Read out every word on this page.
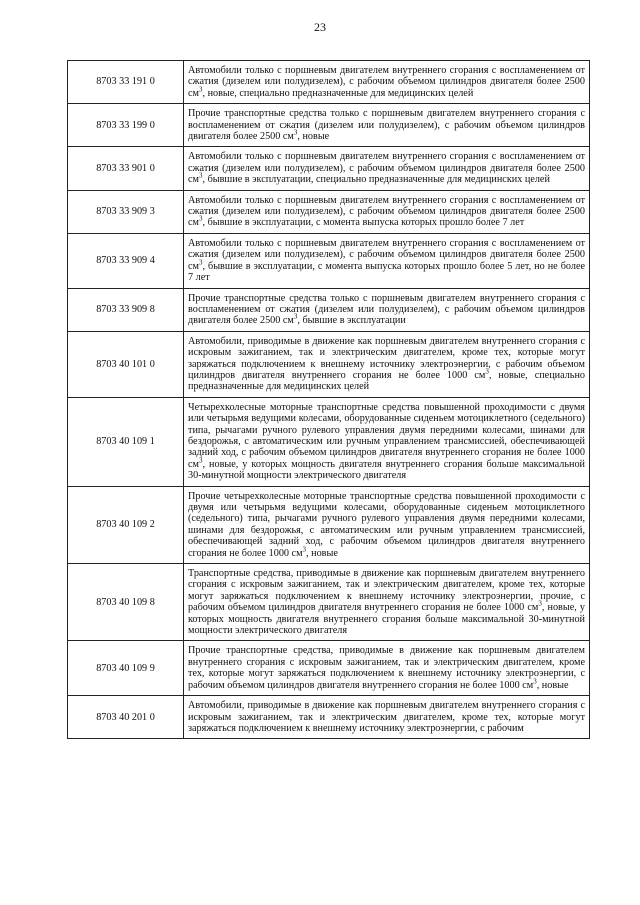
23
8703 33 191 0	Автомобили только с поршневым двигателем внутреннего сгорания с воспламенением от сжатия (дизелем или полудизелем), с рабочим объемом цилиндров двигателя более 2500 $см^3$, новые, специально предназначенные для медицинских целей
8703 33 199 0	Прочие транспортные средства только с поршневым двигателем внутреннего сгорания с воспламенением от сжатия (дизелем или полудизелем), с рабочим объемом цилиндров двигателя более 2500 $см^3$, новые
8703 33 901 0	Автомобили только с поршневым двигателем внутреннего сгорания с воспламенением от сжатия (дизелем или полудизелем), с рабочим объемом цилиндров двигателя более 2500 $см^3$, бывшие в эксплуатации, специально предназначенные для медицинских целей
8703 33 909 3	Автомобили только с поршневым двигателем внутреннего сгорания с воспламенением от сжатия (дизелем или полудизелем), с рабочим объемом цилиндров двигателя более 2500 $см^3$, бывшие в эксплуатации, с момента выпуска которых прошло более 7 лет
8703 33 909 4	Автомобили только с поршневым двигателем внутреннего сгорания с воспламенением от сжатия (дизелем или полудизелем), с рабочим объемом цилиндров двигателя более 2500 $см^3$, бывшие в эксплуатации, с момента выпуска которых прошло более 5 лет, но не более 7 лет
8703 33 909 8	Прочие транспортные средства только с поршневым двигателем внутреннего сгорания с воспламенением от сжатия (дизелем или полудизелем), с рабочим объемом цилиндров двигателя более 2500 $см^3$, бывшие в эксплуатации
8703 40 101 0	Автомобили, приводимые в движение как поршневым двигателем внутреннего сгорания с искровым зажиганием, так и электрическим двигателем, кроме тех, которые могут заряжаться подключением к внешнему источнику электроэнергии, с рабочим объемом цилиндров двигателя внутреннего сгорания не более 1000 $см^3$, новые, специально предназначенные для медицинских целей
8703 40 109 1	Четырехколесные моторные транспортные средства повышенной проходимости с двумя или четырьмя ведущими колесами, оборудованные сиденьем мотоциклетного (седельного) типа, рычагами ручного рулевого управления двумя передними колесами, шинами для бездорожья, с автоматическим или ручным управлением трансмиссией, обеспечивающей задний ход, с рабочим объемом цилиндров двигателя внутреннего сгорания не более 1000 $см^3$, новые, у которых мощность двигателя внутреннего сгорания больше максимальной 30-минутной мощности электрического двигателя
8703 40 109 2	Прочие четырехколесные моторные транспортные средства повышенной проходимости с двумя или четырьмя ведущими колесами, оборудованные сиденьем мотоциклетного (седельного) типа, рычагами ручного рулевого управления двумя передними колесами, шинами для бездорожья, с автоматическим или ручным управлением трансмиссией, обеспечивающей задний ход, с рабочим объемом цилиндров двигателя внутреннего сгорания не более 1000 $см^3$, новые
8703 40 109 8	Транспортные средства, приводимые в движение как поршневым двигателем внутреннего сгорания с искровым зажиганием, так и электрическим двигателем, кроме тех, которые могут заряжаться подключением к внешнему источнику электроэнергии, прочие, с рабочим объемом цилиндров двигателя внутреннего сгорания не более 1000 $см^3$, новые, у которых мощность двигателя внутреннего сгорания больше максимальной 30-минутной мощности электрического двигателя
8703 40 109 9	Прочие транспортные средства, приводимые в движение как поршневым двигателем внутреннего сгорания с искровым зажиганием, так и электрическим двигателем, кроме тех, которые могут заряжаться подключением к внешнему источнику электроэнергии, с рабочим объемом цилиндров двигателя внутреннего сгорания не более 1000 $см^3$, новые
8703 40 201 0	Автомобили, приводимые в движение как поршневым двигателем внутреннего сгорания с искровым зажиганием, так и электрическим двигателем, кроме тех, которые могут заряжаться подключением к внешнему источнику электроэнергии, с рабочим
